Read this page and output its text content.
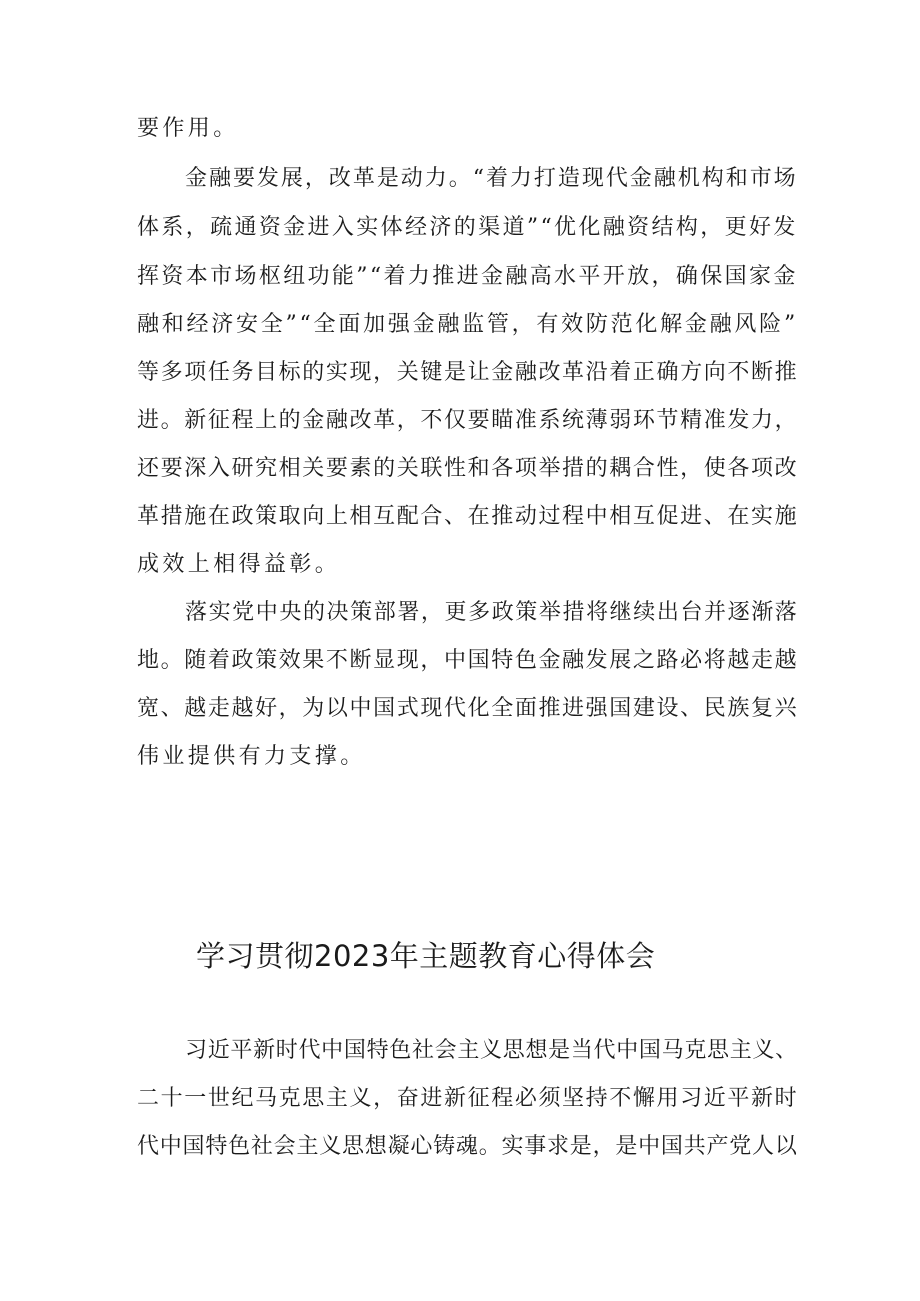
要作用。

金融要发展，改革是动力。“着力打造现代金融机构和市场

体系，疏通资金进入实体经济的渠道”“优化融资结构，更好发

挥资本市场枢纽功能”“着力推进金融高水平开放，确保国家金

融和经济安全”“全面加强金融监管，有效防范化解金融风险”

等多项任务目标的实现，关键是让金融改革沿着正确方向不断推

进。新征程上的金融改革，不仅要瞄准系统薄弱环节精准发力，

还要深入研究相关要素的关联性和各项举措的耦合性，使各项改

革措施在政策取向上相互配合、在推动过程中相互促进、在实施

成效上相得益彰。

落实党中央的决策部署，更多政策举措将继续出台并逐渐落

地。随着政策效果不断显现，中国特色金融发展之路必将越走越

宽、越走越好，为以中国式现代化全面推进强国建设、民族复兴

伟业提供有力支撑。

学习贯彻2023年主题教育心得体会

习近平新时代中国特色社会主义思想是当代中国马克思主义、

二十一世纪马克思主义，奋进新征程必须坚持不懈用习近平新时

代中国特色社会主义思想凝心铸魂。实事求是，是中国共产党人以
